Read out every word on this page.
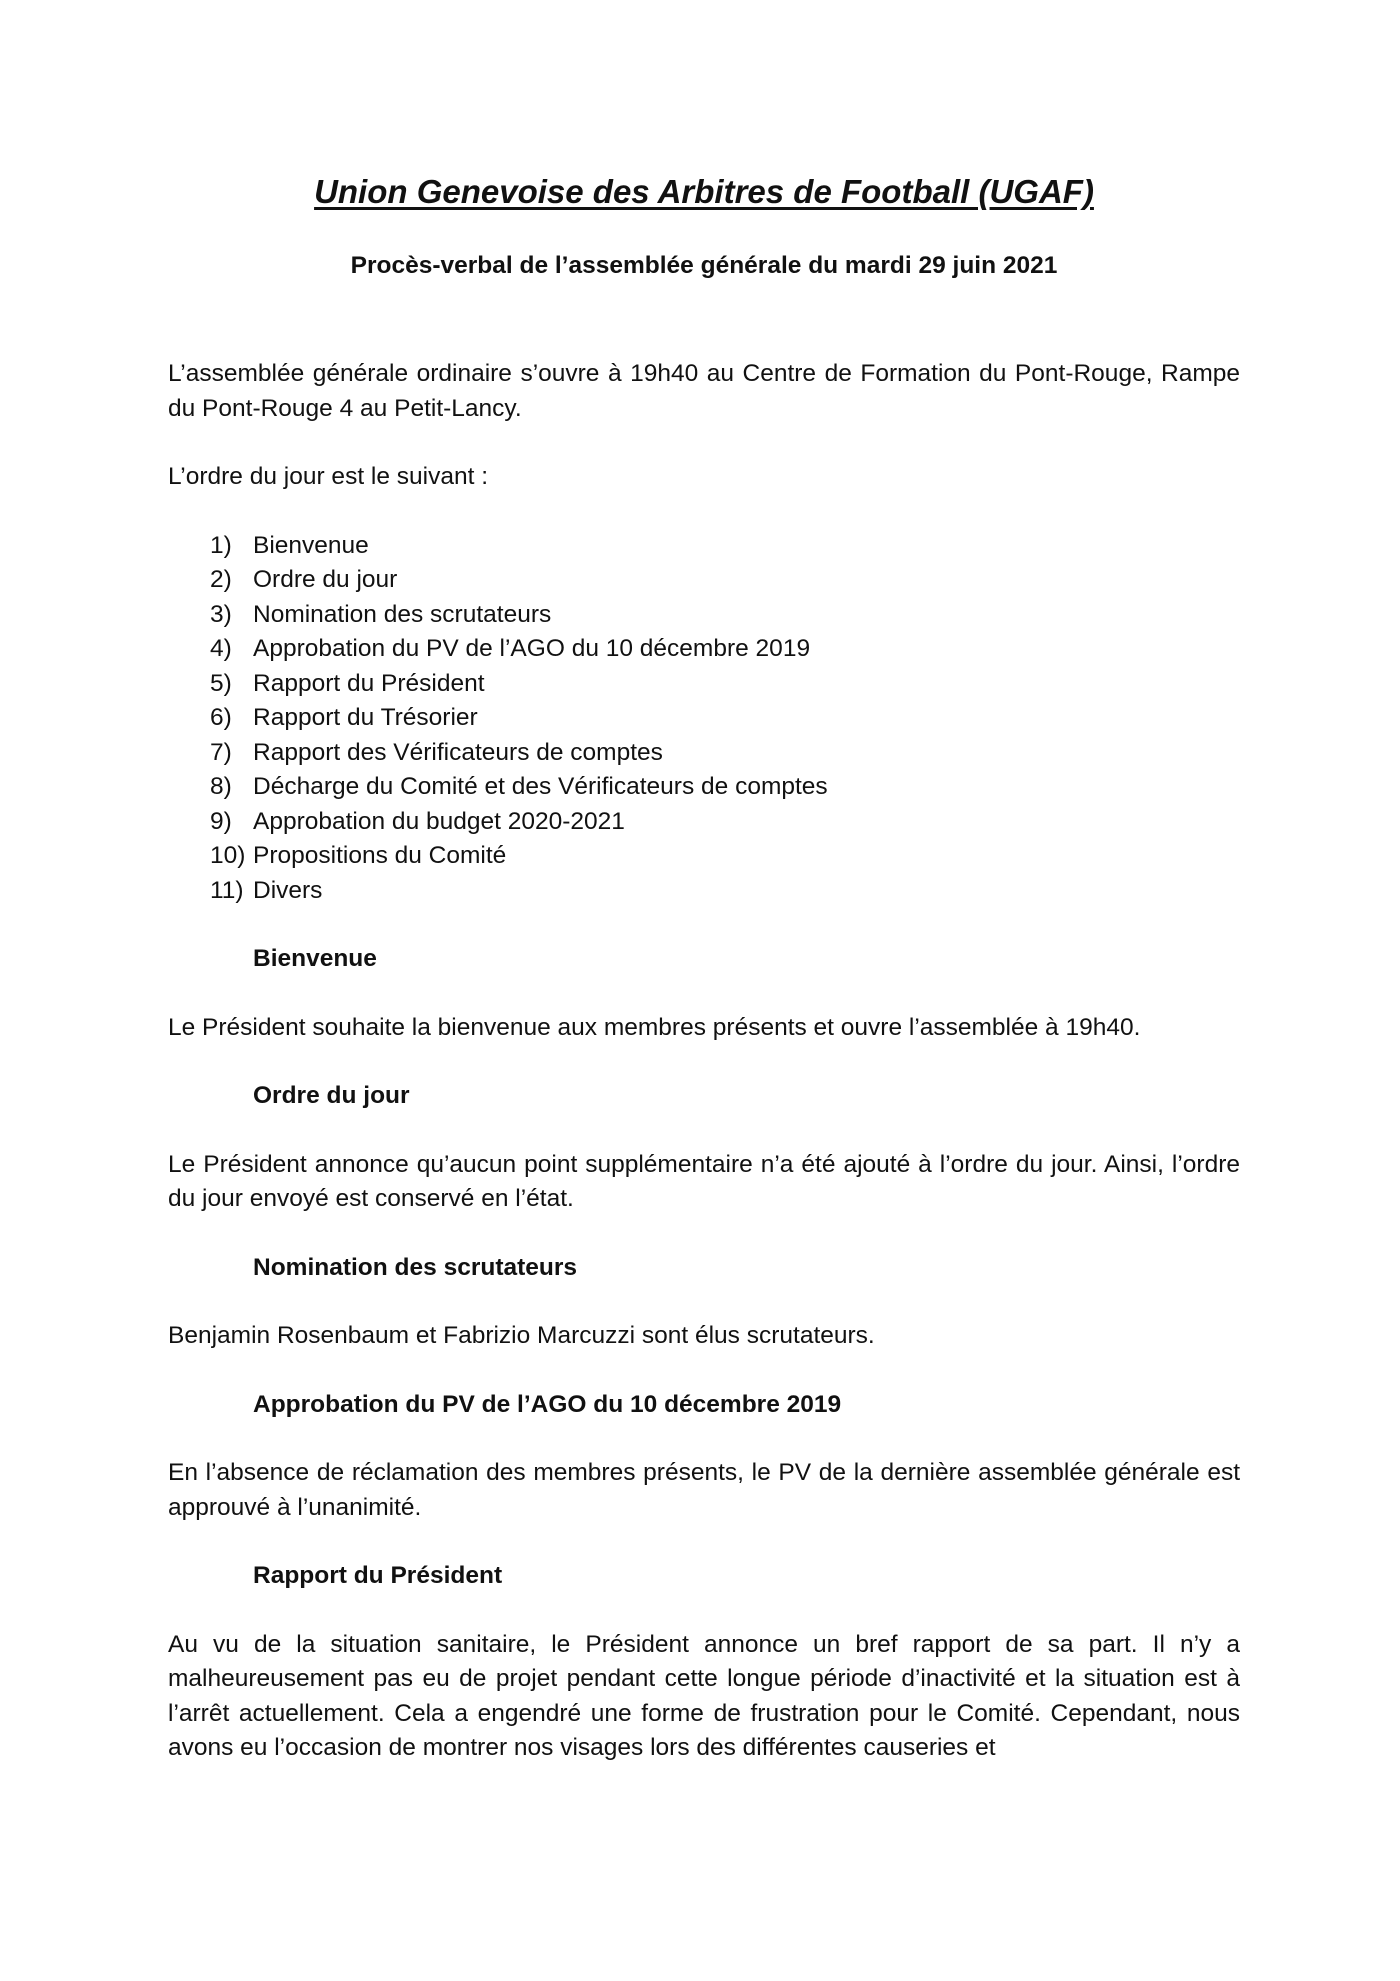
Union Genevoise des Arbitres de Football (UGAF)

Procès-verbal de l’assemblée générale du mardi 29 juin 2021

L’assemblée générale ordinaire s’ouvre à 19h40 au Centre de Formation du Pont-Rouge, Rampe du Pont-Rouge 4 au Petit-Lancy.

L’ordre du jour est le suivant :

1) Bienvenue
2) Ordre du jour
3) Nomination des scrutateurs
4) Approbation du PV de l’AGO du 10 décembre 2019
5) Rapport du Président
6) Rapport du Trésorier
7) Rapport des Vérificateurs de comptes
8) Décharge du Comité et des Vérificateurs de comptes
9) Approbation du budget 2020-2021
10) Propositions du Comité
11) Divers

Bienvenue

Le Président souhaite la bienvenue aux membres présents et ouvre l’assemblée à 19h40.

Ordre du jour

Le Président annonce qu’aucun point supplémentaire n’a été ajouté à l’ordre du jour. Ainsi, l’ordre du jour envoyé est conservé en l’état.

Nomination des scrutateurs

Benjamin Rosenbaum et Fabrizio Marcuzzi sont élus scrutateurs.

Approbation du PV de l’AGO du 10 décembre 2019

En l’absence de réclamation des membres présents, le PV de la dernière assemblée générale est approuvé à l’unanimité.

Rapport du Président

Au vu de la situation sanitaire, le Président annonce un bref rapport de sa part. Il n’y a malheureusement pas eu de projet pendant cette longue période d’inactivité et la situation est à l’arrêt actuellement. Cela a engendré une forme de frustration pour le Comité. Cependant, nous avons eu l’occasion de montrer nos visages lors des différentes causeries et
